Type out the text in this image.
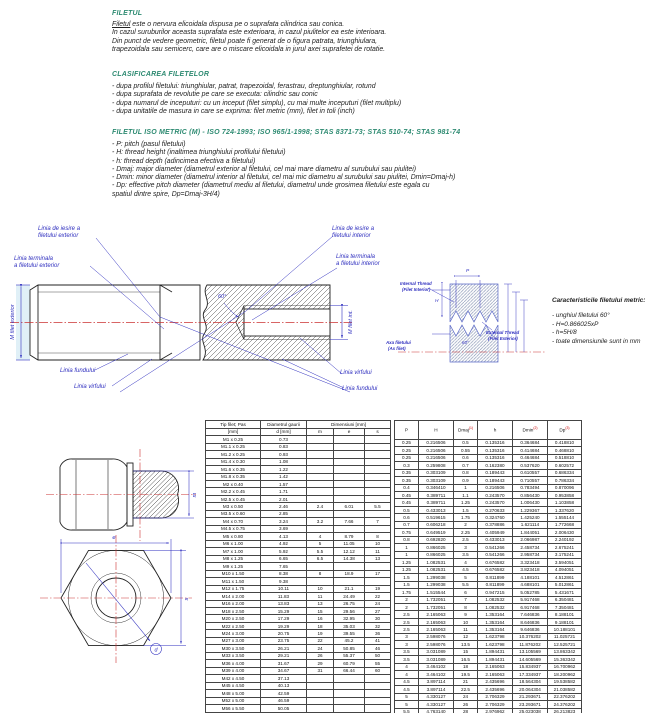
FILETUL
Filetul este o nervura elicoidala dispusa pe o suprafata cilindrica sau conica.
In cazul suruburilor aceasta suprafata este exterioara, in cazul piulitelor ea este interioara.
Din punct de vedere geometric, filetul poate fi generat de o figura patrata, triunghiulara,
trapezoidala sau semicerc, care are o miscare elicoidala in jurul axei suprafetei de rotatie.
CLASIFICAREA FILETELOR
- dupa profilul filetului: triunghiular, patrat, trapezoidal, ferastrau, dreptunghiular, rotund
- dupa suprafata de revolutie pe care se executa: cilindric sau conic
- dupa numarul de inceputuri: cu un inceput (filet simplu), cu mai multe inceputuri (filet multiplu)
- dupa unitatile de masura in care se exprima: filet metric (mm), filet in toli (inch)
FILETUL ISO METRIC (M) - ISO 724-1993; ISO 965/1-1998; STAS 8371-73; STAS 510-74; STAS 981-74
- P: pitch (pasul filetului)
- H: thread height (inaltimea triunghiului profilului filetului)
- h: thread depth (adincimea efectiva a filetului)
- Dmaj: major diameter (diametrul exterior al filetului, cel mai mare diametru al surubului sau piulitei)
- Dmin: minor diameter (diametrul interior al filetului, cel mai mic diametru al surubului sau piulitei, Dmin=Dmaj-h)
- Dp: effective pitch diameter (diametrul mediu al filetului, diametrul unde grosimea filetului este egala cu
spatiul dintre spire, Dp=Dmaj-3H/4)
M filet exterior	M filet int.
60°
P
H
60°
Internal Thread
(Filet Interior)
External Thread
(Filet Exterior)
Axa filetului
(Ax filet)
Linia de iesire a
filetului exterior
Linia terminala
a filetului exterior
Linia fundului
Linia virfului
Linia de iesire a
filetului interior
Linia terminala
a filetului interior
Linia virfului
Linia fundului
Caracteristicile filetului metric:
- unghiul filetului 60°
- H=0.866025xP
- h=5H/8
- toate dimensiunile sunt in mm
m
e
s
d
Tip filet; Pas	Diametrul gaurii	Dimensiuni [mm]		
[mm]	d [mm]	m	e	s
M1 x 0.25	0.73			
M1.1 x 0.25	0.83			
M1.2 x 0.25	0.93			
M1.4 x 0.30	1.08			
M1.6 x 0.35	1.22			
M1.8 x 0.35	1.42			
M2 x 0.40	1.57			
M2.2 x 0.45	1.71			
M2.5 x 0.45	2.01			
M3 x 0.50	2.46	2.4	6.01	5.5
M3.5 x 0.60	2.85			
M4 x 0.70	3.24	3.2	7.66	7
M4.5 x 0.75	3.69			
M5 x 0.80	4.13	4	8.79	8
M6 x 1.00	4.92	5	11.05	10
M7 x 1.00	5.92	5.5	12.12	11
M8 x 1.25	6.65	6.5	14.38	13
M9 x 1.25	7.65			
M10 x 1.50	8.38	8	18.9	17
M11 x 1.50	9.38			
M12 x 1.75	10.11	10	21.1	19
M14 x 2.00	11.83	11	24.49	22
M16 x 2.00	13.83	13	26.75	24
M18 x 2.50	15.29	15	29.56	27
M20 x 2.50	17.29	16	32.95	30
M22 x 2.50	19.29	18	35.03	32
M24 x 3.00	20.75	19	39.55	36
M27 x 3.00	23.75	22	45.2	41
M30 x 3.50	26.21	24	50.85	46
M33 x 3.50	29.21	26	55.37	50
M36 x 4.00	31.67	29	60.79	55
M39 x 4.00	34.67	31	66.44	60
M42 x 4.50	37.13			
M45 x 4.50	40.13			
M48 x 5.00	42.59			
M52 x 5.00	46.59			
M56 x 5.50	50.05			
P	H	Dmaj$^{(1)}$	h	Dmin$^{(2)}$	Dp$^{(3)}$
0.25	0.216506	0.5	0.135316	0.364684	0.418810
0.25	0.216506	0.55	0.135316	0.414684	0.468810
0.25	0.216506	0.6	0.135316	0.464684	0.518810
0.3	0.259808	0.7	0.162380	0.537620	0.602572
0.35	0.303109	0.8	0.189443	0.610557	0.686334
0.35	0.303109	0.9	0.189443	0.710557	0.786334
0.4	0.346410	1	0.216506	0.783494	0.870096
0.45	0.389711	1.1	0.243570	0.856430	0.953858
0.45	0.389711	1.25	0.243570	1.006430	1.103858
0.5	0.433013	1.5	0.270633	1.229367	1.337620
0.6	0.519615	1.75	0.324760	1.425240	1.555144
0.7	0.606218	2	0.378886	1.621114	1.772668
0.75	0.649519	2.25	0.405949	1.844051	2.006430
0.8	0.692820	2.5	0.433013	2.066987	2.240192
1	0.866025	3	0.541266	2.458734	2.675241
1	0.866025	3.5	0.541266	2.958734	3.175241
1.25	1.082531	4	0.676582	3.323418	3.594051
1.25	1.082531	4.5	0.676582	3.823418	4.094051
1.5	1.299038	5	0.811899	4.188101	4.512861
1.5	1.299038	5.5	0.811899	4.688101	5.012861
1.75	1.515544	6	0.947215	5.052785	5.431671
2	1.732051	7	1.082532	5.917468	6.350481
2	1.732051	8	1.082532	6.917468	7.350481
2.5	2.165063	9	1.353164	7.646836	8.188101
2.5	2.165063	10	1.353164	8.646836	9.188101
2.5	2.165063	11	1.353164	9.646836	10.188101
3	2.598076	12	1.623798	10.376202	11.025721
3	2.598076	13.5	1.623798	11.876202	12.525721
3.5	3.031089	15	1.894431	13.105569	13.863342
3.5	3.031089	16.5	1.894431	14.605569	15.363342
4	3.464102	18	2.165063	15.834937	16.700962
4	3.464102	19.5	2.165063	17.334937	18.200962
4.5	3.897114	21	2.435696	18.564304	19.538582
4.5	3.897114	22.5	2.435696	20.064304	21.038582
5	4.330127	24	2.706329	21.293671	22.376202
5	4.330127	26	2.706329	23.293671	24.376202
5.5	4.763140	28	2.976962	25.023038	26.213823
